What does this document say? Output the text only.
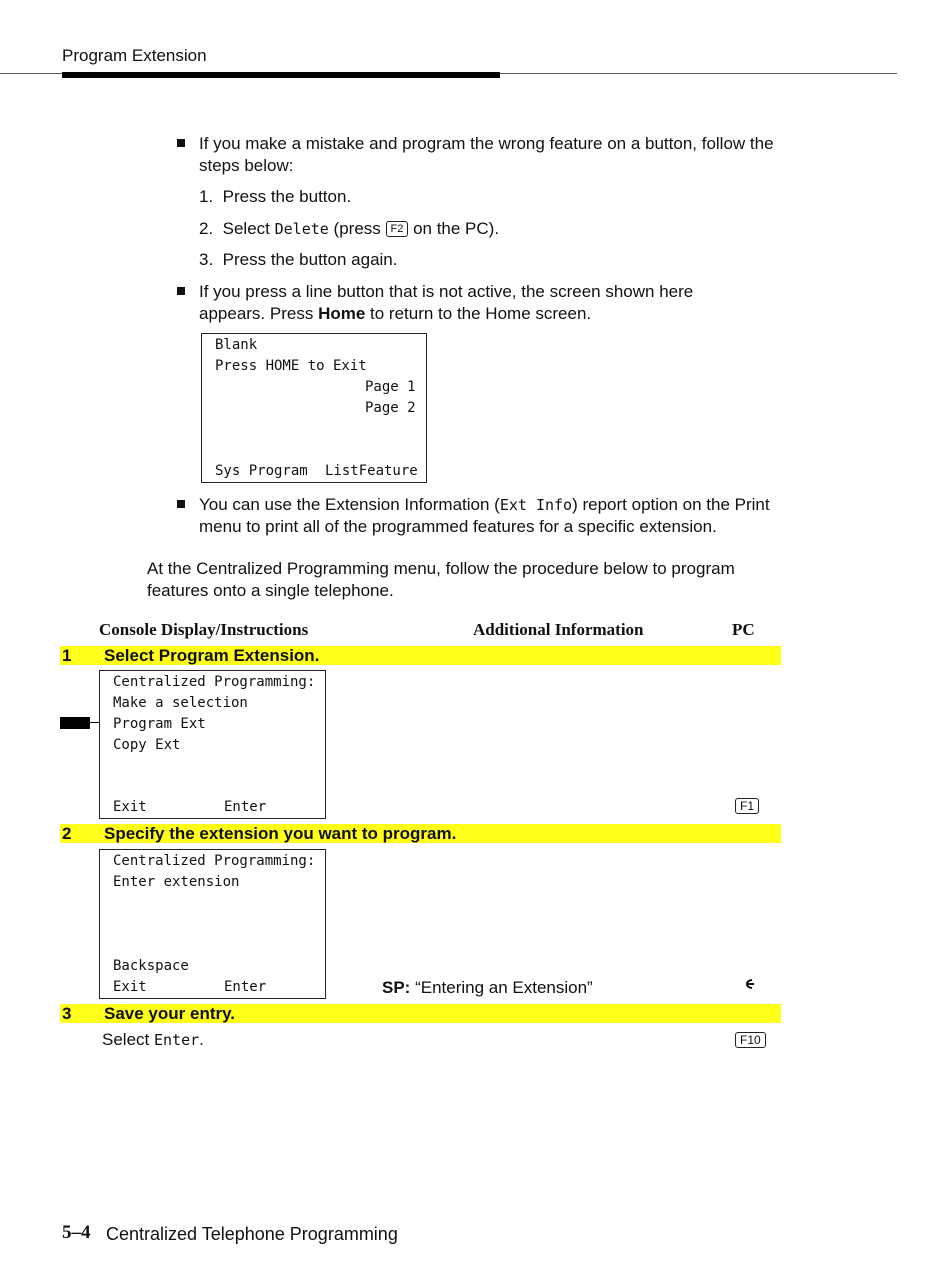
Program Extension
If you make a mistake and program the wrong feature on a button, follow the steps below:
1. Press the button.
2. Select Delete (press F2 on the PC).
3. Press the button again.
If you press a line button that is not active, the screen shown here appears. Press Home to return to the Home screen.
Blank
Press HOME to Exit
Page 1
Page 2
Sys Program ListFeature
You can use the Extension Information (Ext Info) report option on the Print menu to print all of the programmed features for a specific extension.
At the Centralized Programming menu, follow the procedure below to program features onto a single telephone.
Console Display/Instructions	Additional Information	PC
1 Select Program Extension.
Centralized Programming:
Make a selection
Program Ext
Copy Ext
Exit	Enter	F1
2 Specify the extension you want to program.
Centralized Programming:
Enter extension
Backspace
Exit	Enter	SP: “Entering an Extension”
3 Save your entry.
Select Enter.	F10
5–4 Centralized Telephone Programming
